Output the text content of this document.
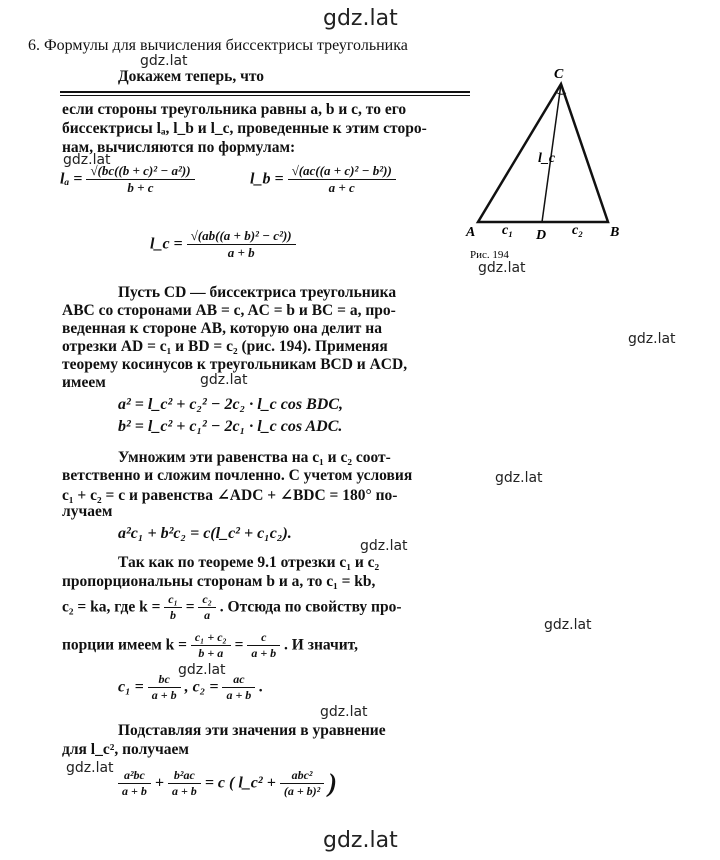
gdz.lat
gdz.lat
gdz.lat
gdz.lat
gdz.lat
gdz.lat
gdz.lat
gdz.lat
gdz.lat
gdz.lat
gdz.lat
gdz.lat
gdz.lat
6. Формулы для вычисления биссектрисы треугольника
Докажем теперь, что
если стороны треугольника равны a, b и c, то его
биссектрисы lₐ, l_b и l_c, проведенные к этим сторо-
нам, вычисляются по формулам:
$l_a = \frac{\text{√(bc((b + c)² − a²))}}{b + c}$	l_b = $\frac{\text{√(ac((a + c)² − b²))}}{a + c}$
l_c = $\frac{\text{√(ab((a + b)² − c²))}}{a + b}$
C
A	B
D
c₁	c₂
l_c
Рис. 194
Пусть CD — биссектриса треугольника
ABC со сторонами AB = c, AC = b и BC = a, про-
веденная к стороне AB, которую она делит на
отрезки AD = c₁ и BD = c₂ (рис. 194). Применяя
теорему косинусов к треугольникам BCD и ACD,
имеем
a² = l_c² + c₂² − 2c₂ · l_c cos BDC,
b² = l_c² + c₁² − 2c₁ · l_c cos ADC.
Умножим эти равенства на c₁ и c₂ соот-
ветственно и сложим почленно. С учетом условия
c₁ + c₂ = c и равенства ∠ADC + ∠BDC = 180° по-
лучаем
a²c₁ + b²c₂ = c(l_c² + c₁c₂).
Так как по теореме 9.1 отрезки c₁ и c₂
пропорциональны сторонам b и a, то c₁ = kb,
c₂ = ka, где $k = \frac{\text{c₁}}{b} = \frac{\text{c₂}}{a}$ . Отсюда по свойству про-
порции имеем $k = \frac{\text{c₁ + c₂}}{b + a} = \frac{c}{a + b}$ . И значит,
$c_1 = \frac{bc}{a + b}$ , $c_2 = \frac{ac}{a + b}$ .
Подставляя эти значения в уравнение
для l_c², получаем
$\frac{\text{a²bc}}{a + b} + \frac{\text{b²ac}}{a + b} = c$ ( l_c² + $\frac{\text{abc²}}{\text{(a + b)²}}$ )
